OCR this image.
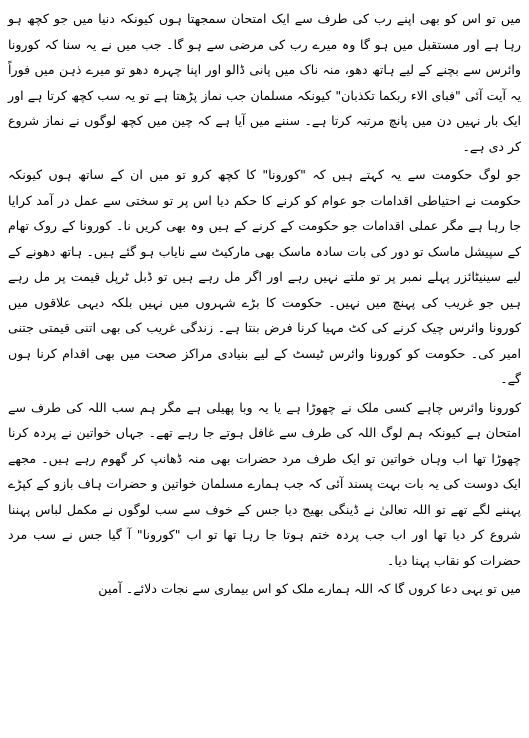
میں تو اس کو بھی اپنے رب کی طرف سے ایک امتحان سمجھتا ہوں کیونکہ دنیا میں جو کچھ ہو رہا ہے اور مستقبل میں ہو گا وہ میرے رب کی مرضی سے ہو گا۔ جب میں نے یہ سنا کہ کورونا وائرس سے بچنے کے لیے ہاتھ دھو، منہ ناک میں پانی ڈالو اور اپنا چہرہ دھو تو میرے ذہن میں فوراً یہ آیت آئی "فبای الاء ربکما تکذبان" کیونکہ مسلمان جب نماز پڑھتا ہے تو یہ سب کچھ کرتا ہے اور ایک بار نہیں دن میں پانچ مرتبہ کرتا ہے۔ سننے میں آیا ہے کہ چین میں کچھ لوگوں نے نماز شروع کر دی ہے۔

جو لوگ حکومت سے یہ کہتے ہیں کہ "کورونا" کا کچھ کرو تو میں ان کے ساتھ ہوں کیونکہ حکومت نے احتیاطی اقدامات جو عوام کو کرنے کا حکم دیا اس پر تو سختی سے عمل در آمد کرایا جا رہا ہے مگر عملی اقدامات جو حکومت کے کرنے کے ہیں وہ بھی کریں نا۔ کورونا کے روک تھام کے سپیشل ماسک تو دور کی بات سادہ ماسک بھی مارکیٹ سے نایاب ہو گئے ہیں۔ ہاتھ دھونے کے لیے سینیٹائزر پہلے نمبر پر تو ملتے نہیں رہے اور اگر مل رہے ہیں تو ڈبل ٹرپل قیمت پر مل رہے ہیں جو غریب کی پہنچ میں نہیں۔ حکومت کا بڑے شہروں میں نہیں بلکہ دیہی علاقوں میں کورونا وائرس چیک کرنے کی کٹ مہیا کرنا فرض بنتا ہے۔ زندگی غریب کی بھی اتنی قیمتی جتنی امیر کی۔ حکومت کو کورونا وائرس ٹیسٹ کے لیے بنیادی مراکز صحت میں بھی اقدام کرنا ہوں گے۔

کورونا وائرس چاہے کسی ملک نے چھوڑا ہے یا یہ وبا پھیلی ہے مگر ہم سب اللہ کی طرف سے امتحان ہے کیونکہ ہم لوگ اللہ کی طرف سے غافل ہوتے جا رہے تھے۔ جہاں خواتین نے پردہ کرنا چھوڑا تھا اب وہاں خواتین تو ایک طرف مرد حضرات بھی منہ ڈھانپ کر گھوم رہے ہیں۔ مجھے ایک دوست کی یہ بات بہت پسند آئی کہ جب ہمارے مسلمان خواتین و حضرات ہاف بازو کے کپڑے پہننے لگے تھے تو اللہ تعالیٰ نے ڈینگی بھیج دیا جس کے خوف سے سب لوگوں نے مکمل لباس پہننا شروع کر دیا تھا اور اب جب پردہ ختم ہوتا جا رہا تھا تو اب "کورونا" آ گیا جس نے سب مرد حضرات کو نقاب پہنا دیا۔

میں تو یہی دعا کروں گا کہ اللہ ہمارے ملک کو اس بیماری سے نجات دلائے۔ آمین
